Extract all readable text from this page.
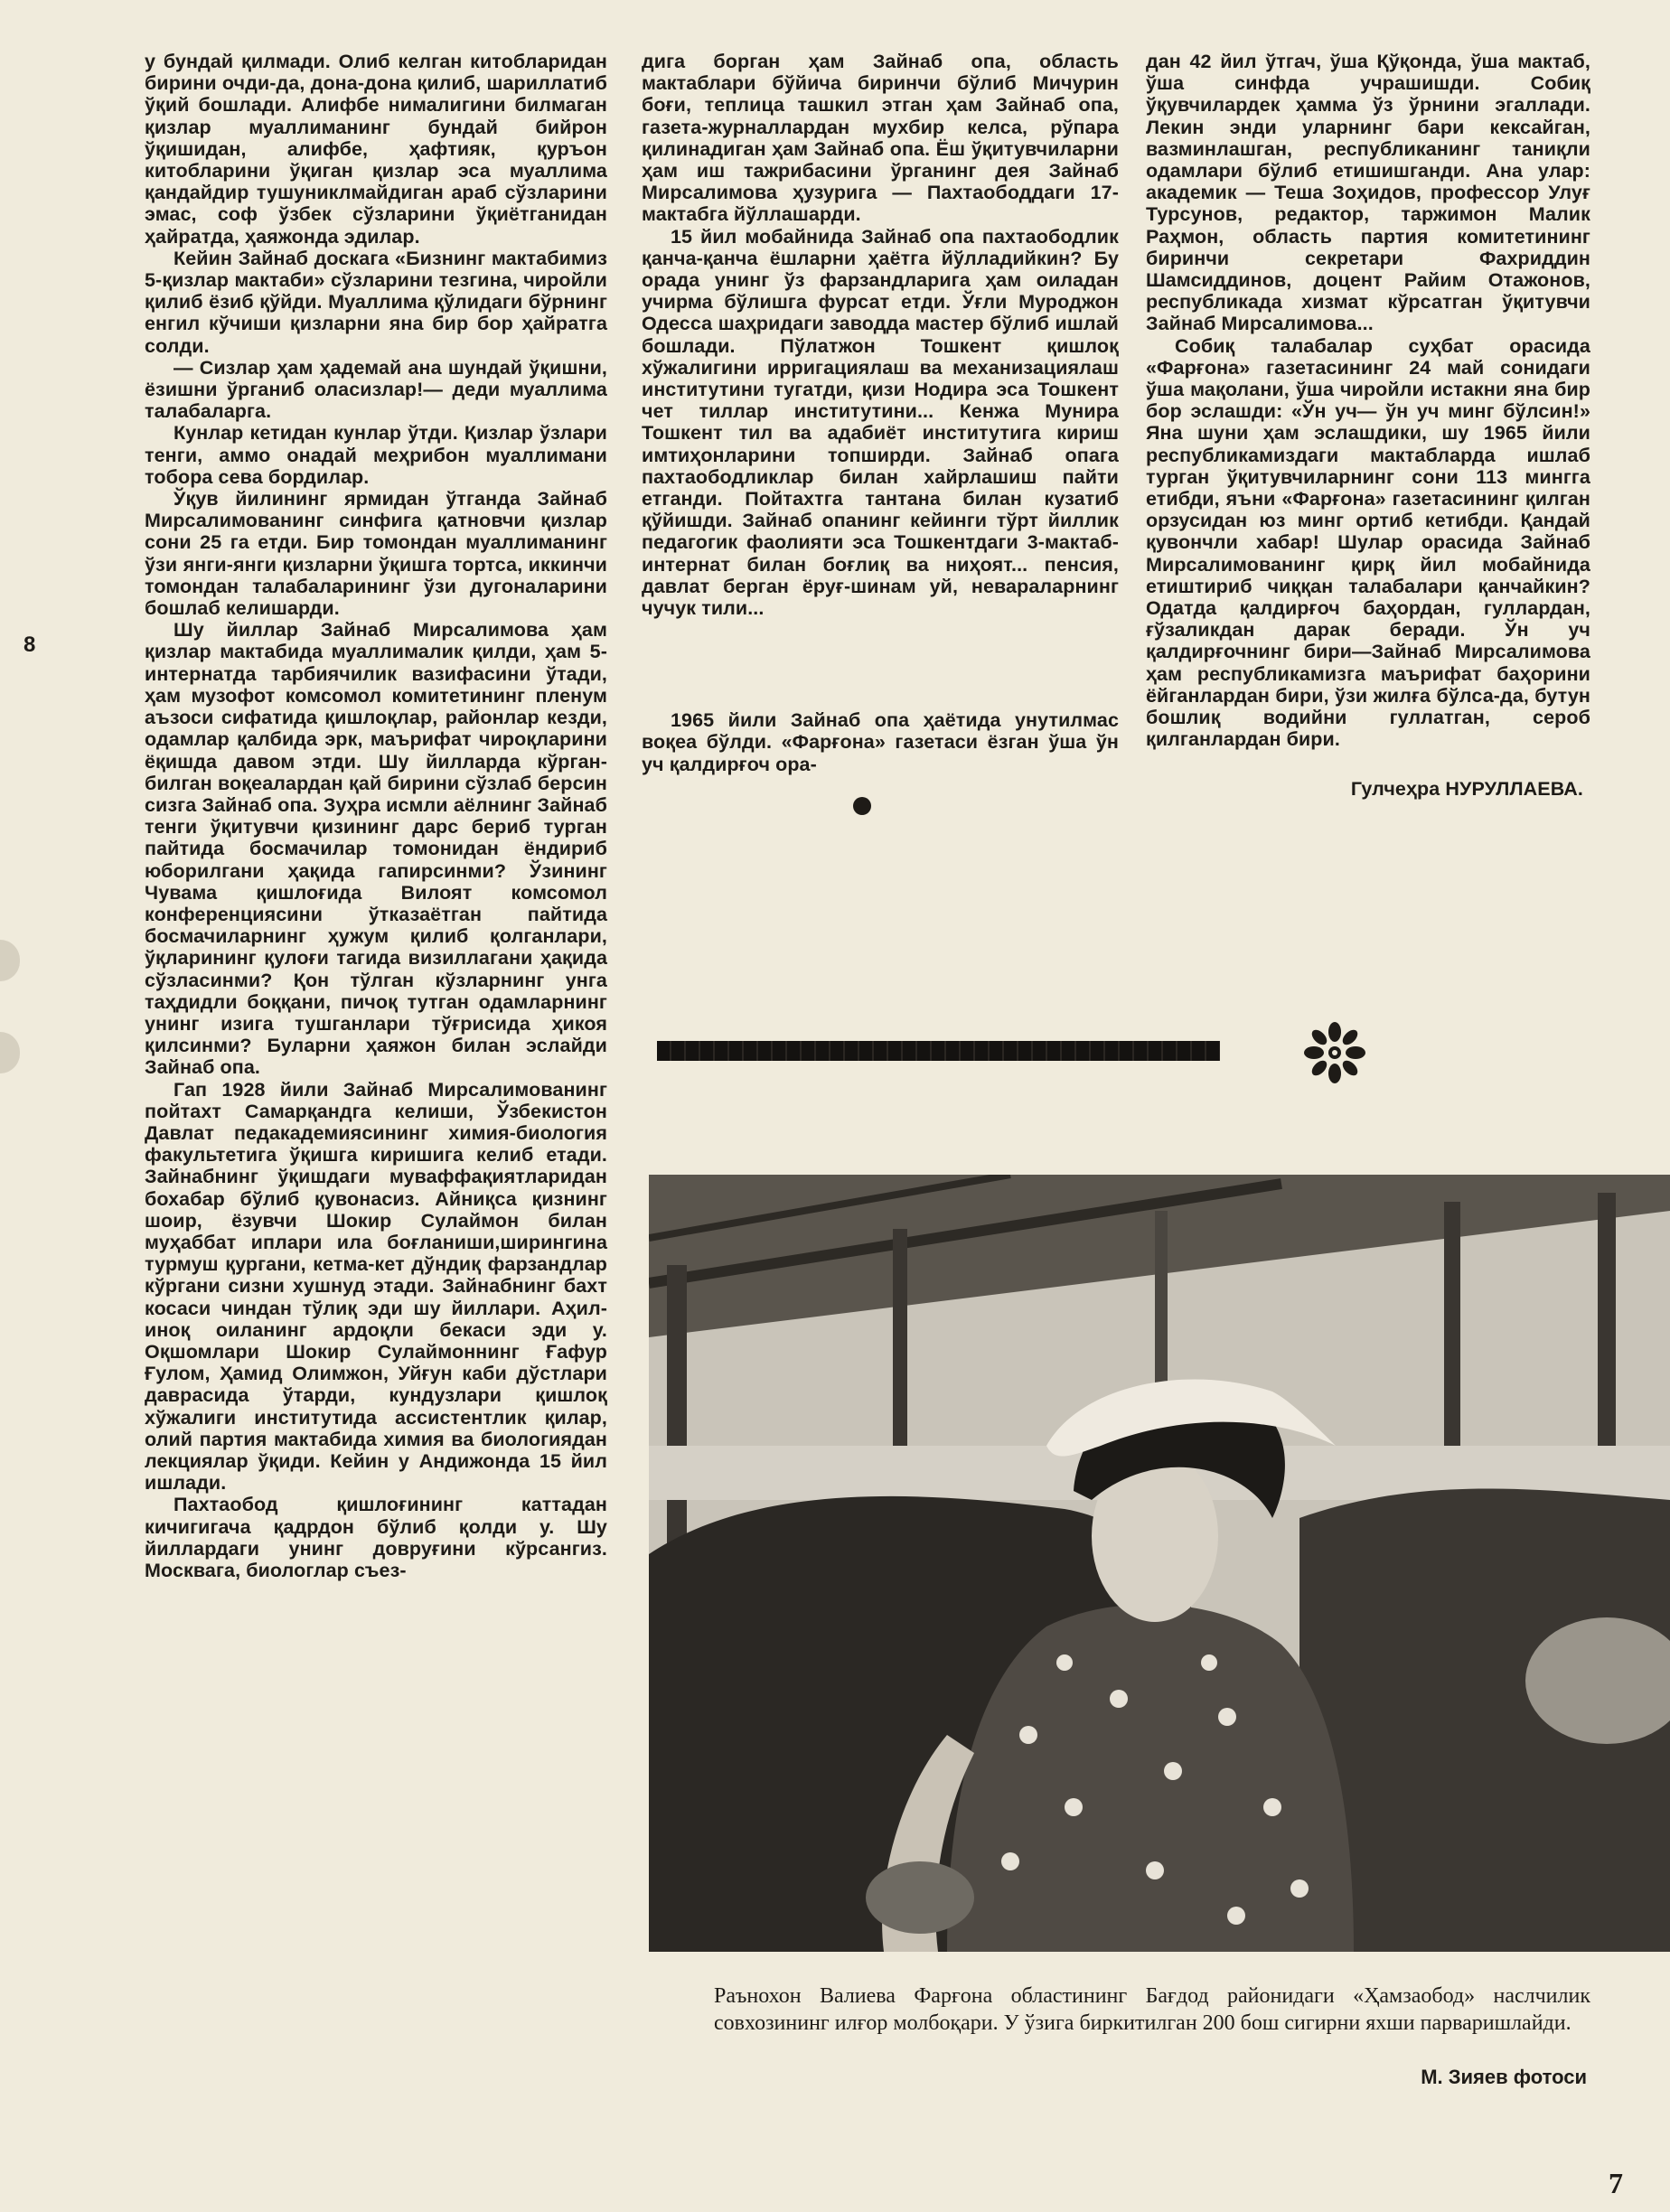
8

у бундай қилмади. Олиб келган китобларидан бирини очди-да, дона-дона қилиб, шариллатиб ўқий бошлади. Алифбе нималигини билмаган қизлар муаллиманинг бундай бийрон ўқишидан, алифбе, ҳафтияк, қуръон китобларини ўқиган қизлар эса муаллима қандайдир тушуниклмайдиган араб сўзларини эмас, соф ўзбек сўзларини ўқиётганидан ҳайратда, ҳаяжонда эдилар.

Кейин Зайнаб доскага «Бизнинг мактабимиз 5-қизлар мактаби» сўзларини тезгина, чиройли қилиб ёзиб қўйди. Муаллима қўлидаги бўрнинг енгил кўчиши қизларни яна бир бор ҳайратга солди.

— Сизлар ҳам ҳадемай ана шундай ўқишни, ёзишни ўрганиб оласизлар!— деди муаллима талабаларга.

Кунлар кетидан кунлар ўтди. Қизлар ўзлари тенги, аммо онадай меҳрибон муаллимани тобора сева бордилар.

Ўқув йилининг ярмидан ўтганда Зайнаб Мирсалимованинг синфига қатновчи қизлар сони 25 га етди. Бир томондан муаллиманинг ўзи янги-янги қизларни ўқишга тортса, иккинчи томондан талабаларининг ўзи дугоналарини бошлаб келишарди.

Шу йиллар Зайнаб Мирсалимова ҳам қизлар мактабида муаллималик қилди, ҳам 5-интернатда тарбиячилик вазифасини ўтади, ҳам музофот комсомол комитетининг пленум аъзоси сифатида қишлоқлар, районлар кезди, одамлар қалбида эрк, маърифат чироқларини ёқишда давом этди. Шу йилларда кўрган-билган воқеалардан қай бирини сўзлаб берсин сизга Зайнаб опа. Зуҳра исмли аёлнинг Зайнаб тенги ўқитувчи қизининг дарс бериб турган пайтида босмачилар томонидан ёндириб юборилгани ҳақида гапирсинми? Ўзининг Чувама қишлоғида Вилоят комсомол конференциясини ўтказаётган пайтида босмачиларнинг ҳужум қилиб қолганлари, ўқларининг қулоғи тагида визиллагани ҳақида сўзласинми? Қон тўлган кўзларнинг унга таҳдидли боққани, пичоқ тутган одамларнинг унинг изига тушганлари тўғрисида ҳикоя қилсинми? Буларни ҳаяжон билан эслайди Зайнаб опа.

Гап 1928 йили Зайнаб Мирсалимованинг пойтахт Самарқандга келиши, Ўзбекистон Давлат педакадемиясининг химия-биология факультетига ўқишга киришига келиб етади. Зайнабнинг ўқишдаги муваффақиятларидан бохабар бўлиб қувонасиз. Айниқса қизнинг шоир, ёзувчи Шокир Сулаймон билан муҳаббат иплари ила боғланиши,ширингина турмуш қургани, кетма-кет дўндиқ фарзандлар кўргани сизни хушнуд этади. Зайнабнинг бахт косаси чиндан тўлиқ эди шу йиллари. Аҳил-иноқ оиланинг ардоқли бекаси эди у. Оқшомлари Шокир Сулаймоннинг Ғафур Ғулом, Ҳамид Олимжон, Уйғун каби дўстлари даврасида ўтарди, кундузлари қишлоқ хўжалиги институтида ассистентлик қилар, олий партия мактабида химия ва биологиядан лекциялар ўқиди. Кейин у Андижонда 15 йил ишлади.

Пахтаобод қишлоғининг каттадан кичигигача қадрдон бўлиб қолди у. Шу йиллардаги унинг довруғини кўрсангиз. Москвага, биологлар съез-

дига борган ҳам Зайнаб опа, область мактаблари бўйича биринчи бўлиб Мичурин боғи, теплица ташкил этган ҳам Зайнаб опа, газета-журналлардан мухбир келса, рўпара қилинадиган ҳам Зайнаб опа. Ёш ўқитувчиларни ҳам иш тажрибасини ўрганинг дея Зайнаб Мирсалимова ҳузурига — Пахтаободдаги 17-мактабга йўллашарди.

15 йил мобайнида Зайнаб опа пахтаободлик қанча-қанча ёшларни ҳаётга йўлладийкин? Бу орада унинг ўз фарзандларига ҳам оиладан учирма бўлишга фурсат етди. Ўғли Муроджон Одесса шаҳридаги заводда мастер бўлиб ишлай бошлади. Пўлатжон Тошкент қишлоқ хўжалигини ирригациялаш ва механизациялаш институтини тугатди, қизи Нодира эса Тошкент чет тиллар институтини... Кенжа Мунира Тошкент тил ва адабиёт институтига кириш имтиҳонларини топширди. Зайнаб опага пахтаободликлар билан хайрлашиш пайти етганди. Пойтахтга тантана билан кузатиб қўйишди. Зайнаб опанинг кейинги тўрт йиллик педагогик фаолияти эса Тошкентдаги 3-мактаб-интернат билан боғлиқ ва ниҳоят... пенсия, давлат берган ёруғ-шинам уй, невараларнинг чучук тили...

1965 йили Зайнаб опа ҳаётида унутилмас воқеа бўлди. «Фарғона» газетаси ёзган ўша ўн уч қалдирғоч ора-

дан 42 йил ўтгач, ўша Қўқонда, ўша мактаб, ўша синфда учрашишди. Собиқ ўқувчилардек ҳамма ўз ўрнини эгаллади. Лекин энди уларнинг бари кексайган, вазминлашган, республиканинг таниқли одамлари бўлиб етишишганди. Ана улар: академик — Теша Зоҳидов, профессор Улуғ Турсунов, редактор, таржимон Малик Раҳмон, область партия комитетининг биринчи секретари Фахриддин Шамсиддинов, доцент Райим Отажонов, республикада хизмат кўрсатган ўқитувчи Зайнаб Мирсалимова...

Собиқ талабалар суҳбат орасида «Фарғона» газетасининг 24 май сонидаги ўша мақолани, ўша чиройли истакни яна бир бор эслашди: «Ўн уч— ўн уч минг бўлсин!» Яна шуни ҳам эслашдики, шу 1965 йили республикамиздаги мактабларда ишлаб турган ўқитувчиларнинг сони 113 мингга етибди, яъни «Фарғона» газетасининг қилган орзусидан юз минг ортиб кетибди. Қандай қувончли хабар! Шулар орасида Зайнаб Мирсалимованинг қирқ йил мобайнида етиштириб чиққан талабалари қанчайкин? Одатда қалдирғоч баҳордан, гуллардан, ғўзаликдан дарак беради. Ўн уч қалдирғочнинг бири—Зайнаб Мирсалимова ҳам республикамизга маърифат баҳорини ёйганлардан бири, ўзи жилға бўлса-да, бутун бошлиқ водийни гуллатган, сероб қилганлардан бири.

Гулчеҳра НУРУЛЛАЕВА.

Раънохон Валиева Фарғона областининг Бағдод районидаги «Ҳамзаобод» наслчилик совхозининг илғор молбоқари. У ўзига биркитилган 200 бош сигирни яхши парваришлайди.
М. Зияев фотоси
7
